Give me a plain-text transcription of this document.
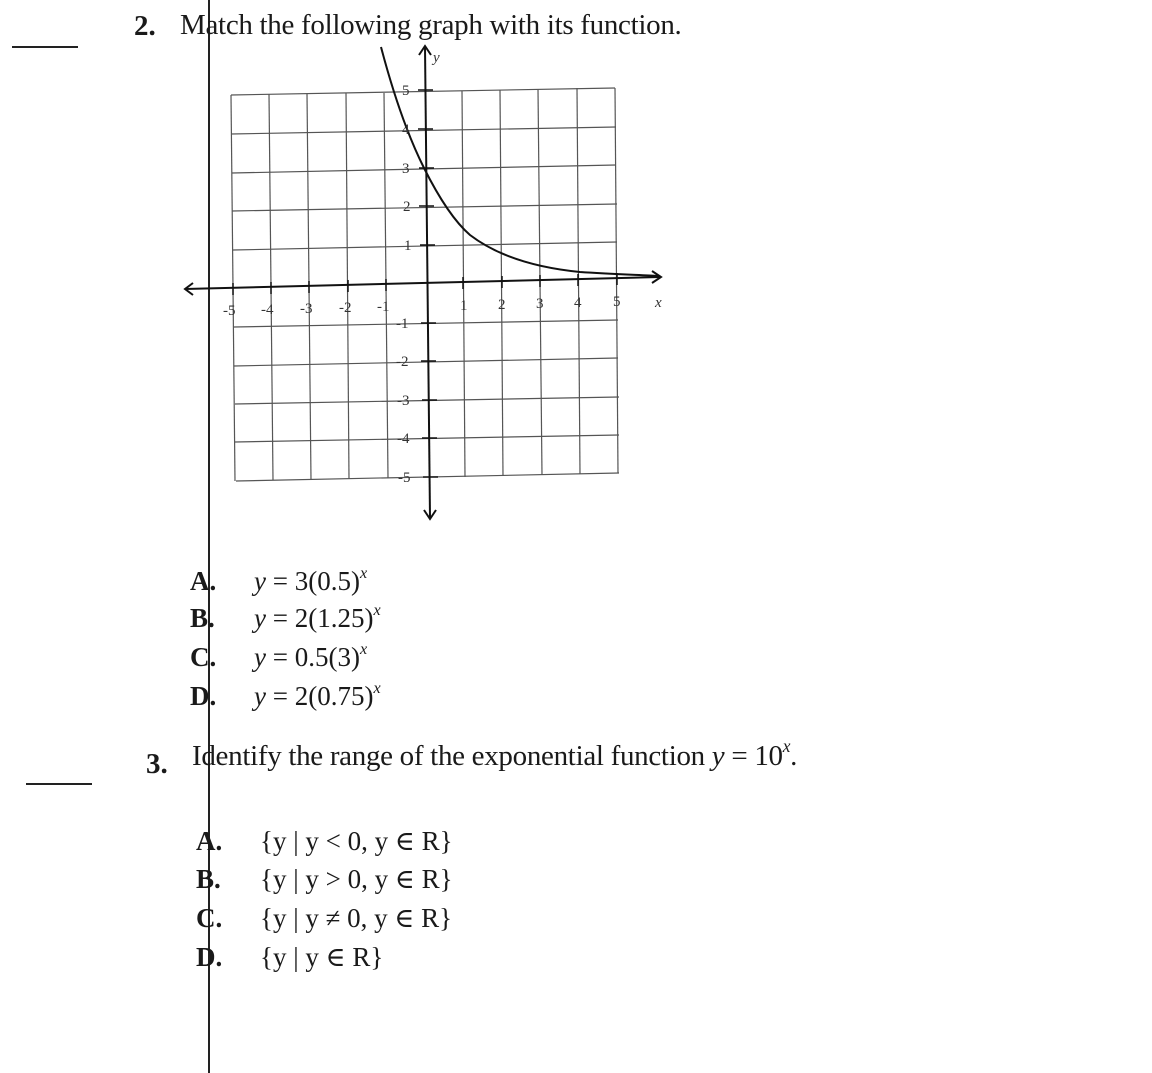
2. Match the following graph with its function.
y
x
-5 -4 -3 -2 -1	1 2 3 4 5
5
4
3
2
1
-1
-2
-3
-4
-5
A. $y = 3(0.5)^x$
B. $y = 2(1.25)^x$
C. $y = 0.5(3)^x$
D. $y = 2(0.75)^x$
3. Identify the range of the exponential function $y = 10^x$.
A. {y | y < 0, y ∈ R}
B. {y | y > 0, y ∈ R}
C. {y | y ≠ 0, y ∈ R}
D. {y | y ∈ R}
